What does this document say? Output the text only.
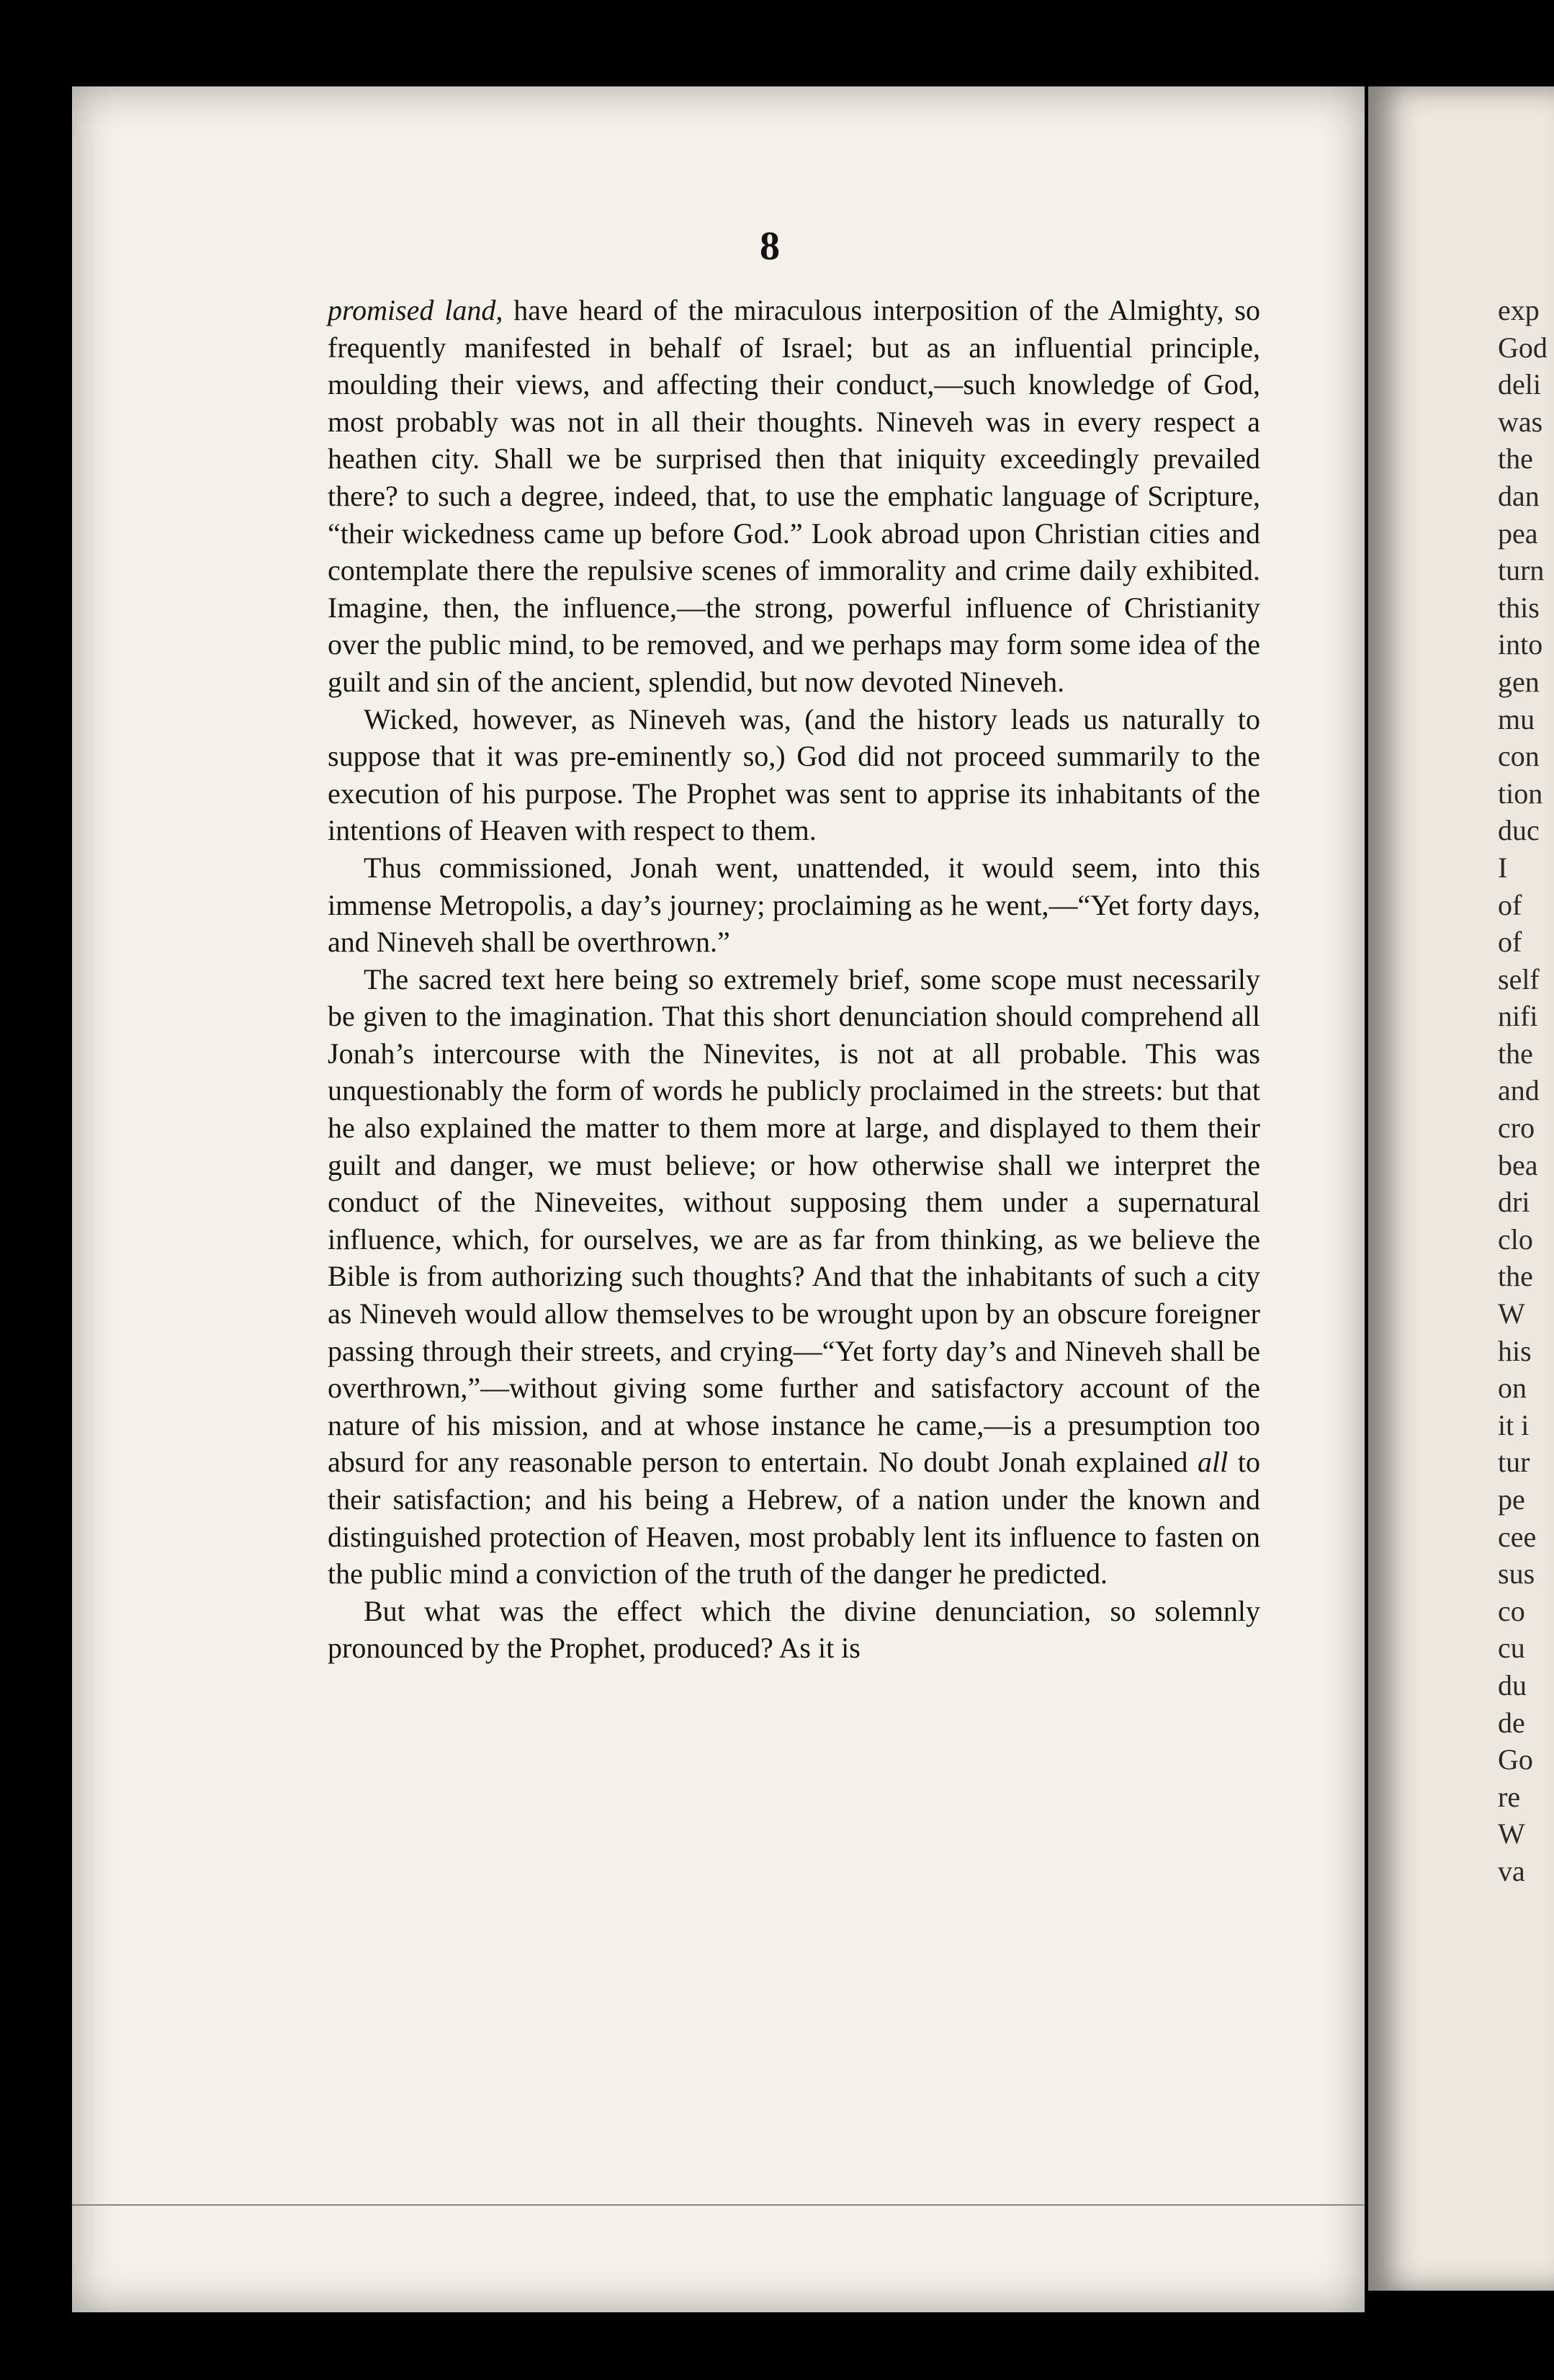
8

promised land, have heard of the miraculous interposition of the Almighty, so frequently manifested in behalf of Israel; but as an influential principle, moulding their views, and affecting their conduct,—such knowledge of God, most probably was not in all their thoughts. Nineveh was in every respect a heathen city. Shall we be surprised then that iniquity exceedingly prevailed there? to such a degree, indeed, that, to use the emphatic language of Scripture, “their wickedness came up before God.” Look abroad upon Christian cities and contemplate there the repulsive scenes of immorality and crime daily exhibited. Imagine, then, the influence,—the strong, powerful influence of Christianity over the public mind, to be removed, and we perhaps may form some idea of the guilt and sin of the ancient, splendid, but now devoted Nineveh.

Wicked, however, as Nineveh was, (and the history leads us naturally to suppose that it was pre-eminently so,) God did not proceed summarily to the execution of his purpose. The Prophet was sent to apprise its inhabitants of the intentions of Heaven with respect to them.

Thus commissioned, Jonah went, unattended, it would seem, into this immense Metropolis, a day’s journey; proclaiming as he went,—“Yet forty days, and Nineveh shall be overthrown.”

The sacred text here being so extremely brief, some scope must necessarily be given to the imagination. That this short denunciation should comprehend all Jonah’s intercourse with the Ninevites, is not at all probable. This was unquestionably the form of words he publicly proclaimed in the streets: but that he also explained the matter to them more at large, and displayed to them their guilt and danger, we must believe; or how otherwise shall we interpret the conduct of the Nineveites, without supposing them under a supernatural influence, which, for ourselves, we are as far from thinking, as we believe the Bible is from authorizing such thoughts? And that the inhabitants of such a city as Nineveh would allow themselves to be wrought upon by an obscure foreigner passing through their streets, and crying—“Yet forty day’s and Nineveh shall be overthrown,”—without giving some further and satisfactory account of the nature of his mission, and at whose instance he came,—is a presumption too absurd for any reasonable person to entertain. No doubt Jonah explained all to their satisfaction; and his being a Hebrew, of a nation under the known and distinguished protection of Heaven, most probably lent its influence to fasten on the public mind a conviction of the truth of the danger he predicted.

But what was the effect which the divine denunciation, so solemnly pronounced by the Prophet, produced? As it is

exp
God
deli
was
the
dan
pea
turn
this
into
gen
mu
con
tion
duc
I
of
of
self
nifi
the
and
cro
bea
dri
clo
the
W
his
on
it i
tur
pe
cee
sus
co
cu
du
de
Go
re
W
va
